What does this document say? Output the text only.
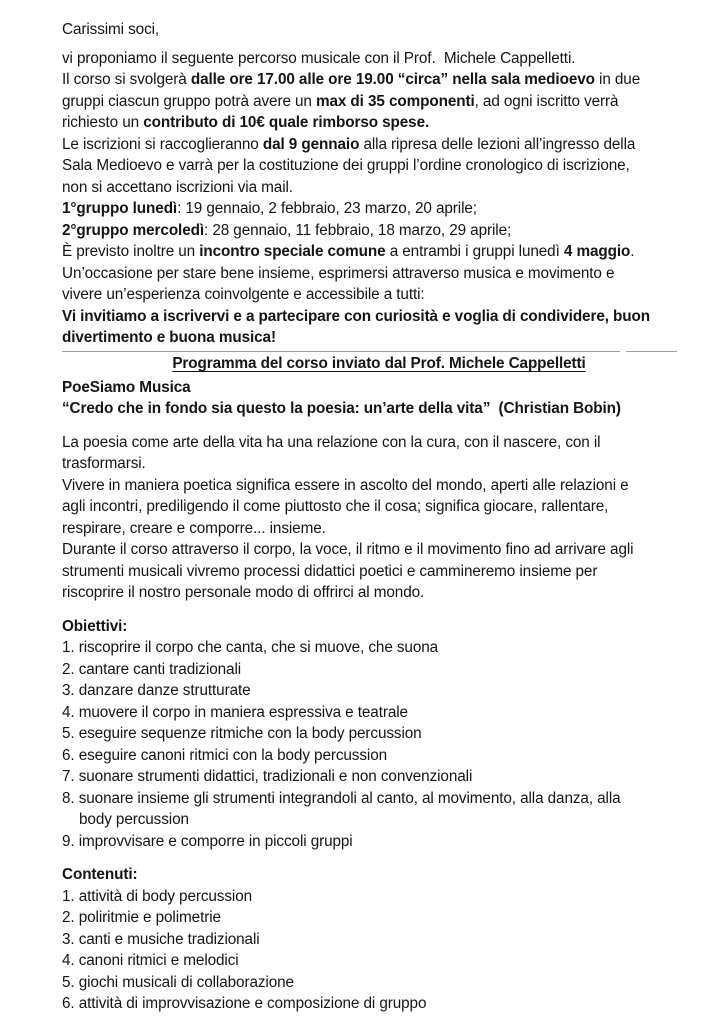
Carissimi soci,
vi proponiamo il seguente percorso musicale con il Prof.  Michele Cappelletti.
Il corso si svolgerà dalle ore 17.00 alle ore 19.00 “circa” nella sala medioevo in due
gruppi ciascun gruppo potrà avere un max di 35 componenti, ad ogni iscritto verrà
richiesto un contributo di 10€ quale rimborso spese.
Le iscrizioni si raccoglieranno dal 9 gennaio alla ripresa delle lezioni all’ingresso della
Sala Medioevo e varrà per la costituzione dei gruppi l’ordine cronologico di iscrizione,
non si accettano iscrizioni via mail.
1°gruppo lunedì: 19 gennaio, 2 febbraio, 23 marzo, 20 aprile;
2°gruppo mercoledì: 28 gennaio, 11 febbraio, 18 marzo, 29 aprile;
È previsto inoltre un incontro speciale comune a entrambi i gruppi lunedì 4 maggio.
Un’occasione per stare bene insieme, esprimersi attraverso musica e movimento e
vivere un’esperienza coinvolgente e accessibile a tutti:
Vi invitiamo a iscrivervi e a partecipare con curiosità e voglia di condividere, buon
divertimento e buona musica!
Programma del corso inviato dal Prof. Michele Cappelletti
PoeSiamo Musica
“Credo che in fondo sia questo la poesia: un’arte della vita”  (Christian Bobin)
La poesia come arte della vita ha una relazione con la cura, con il nascere, con il
trasformarsi.
Vivere in maniera poetica significa essere in ascolto del mondo, aperti alle relazioni e
agli incontri, prediligendo il come piuttosto che il cosa; significa giocare, rallentare,
respirare, creare e comporre... insieme.
Durante il corso attraverso il corpo, la voce, il ritmo e il movimento fino ad arrivare agli
strumenti musicali vivremo processi didattici poetici e cammineremo insieme per
riscoprire il nostro personale modo di offrirci al mondo.
Obiettivi:
1. riscoprire il corpo che canta, che si muove, che suona
2. cantare canti tradizionali
3. danzare danze strutturate
4. muovere il corpo in maniera espressiva e teatrale
5. eseguire sequenze ritmiche con la body percussion
6. eseguire canoni ritmici con la body percussion
7. suonare strumenti didattici, tradizionali e non convenzionali
8. suonare insieme gli strumenti integrandoli al canto, al movimento, alla danza, alla
body percussion
9. improvvisare e comporre in piccoli gruppi
Contenuti:
1. attività di body percussion
2. poliritmie e polimetrie
3. canti e musiche tradizionali
4. canoni ritmici e melodici
5. giochi musicali di collaborazione
6. attività di improvvisazione e composizione di gruppo
